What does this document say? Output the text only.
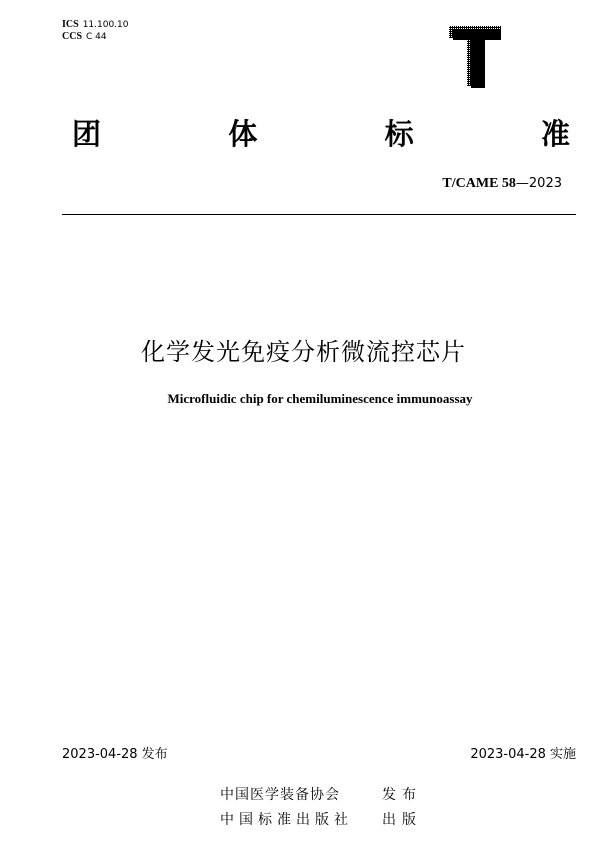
ICS 11.100.10
CCS C 44
T
团	体	标	准
T/CAME 58—2023
化学发光免疫分析微流控芯片
Microfluidic chip for chemiluminescence immunoassay
2023-04-28 发布	2023-04-28 实施
中国医学装备协会	发布
中国标准出版社	出版
